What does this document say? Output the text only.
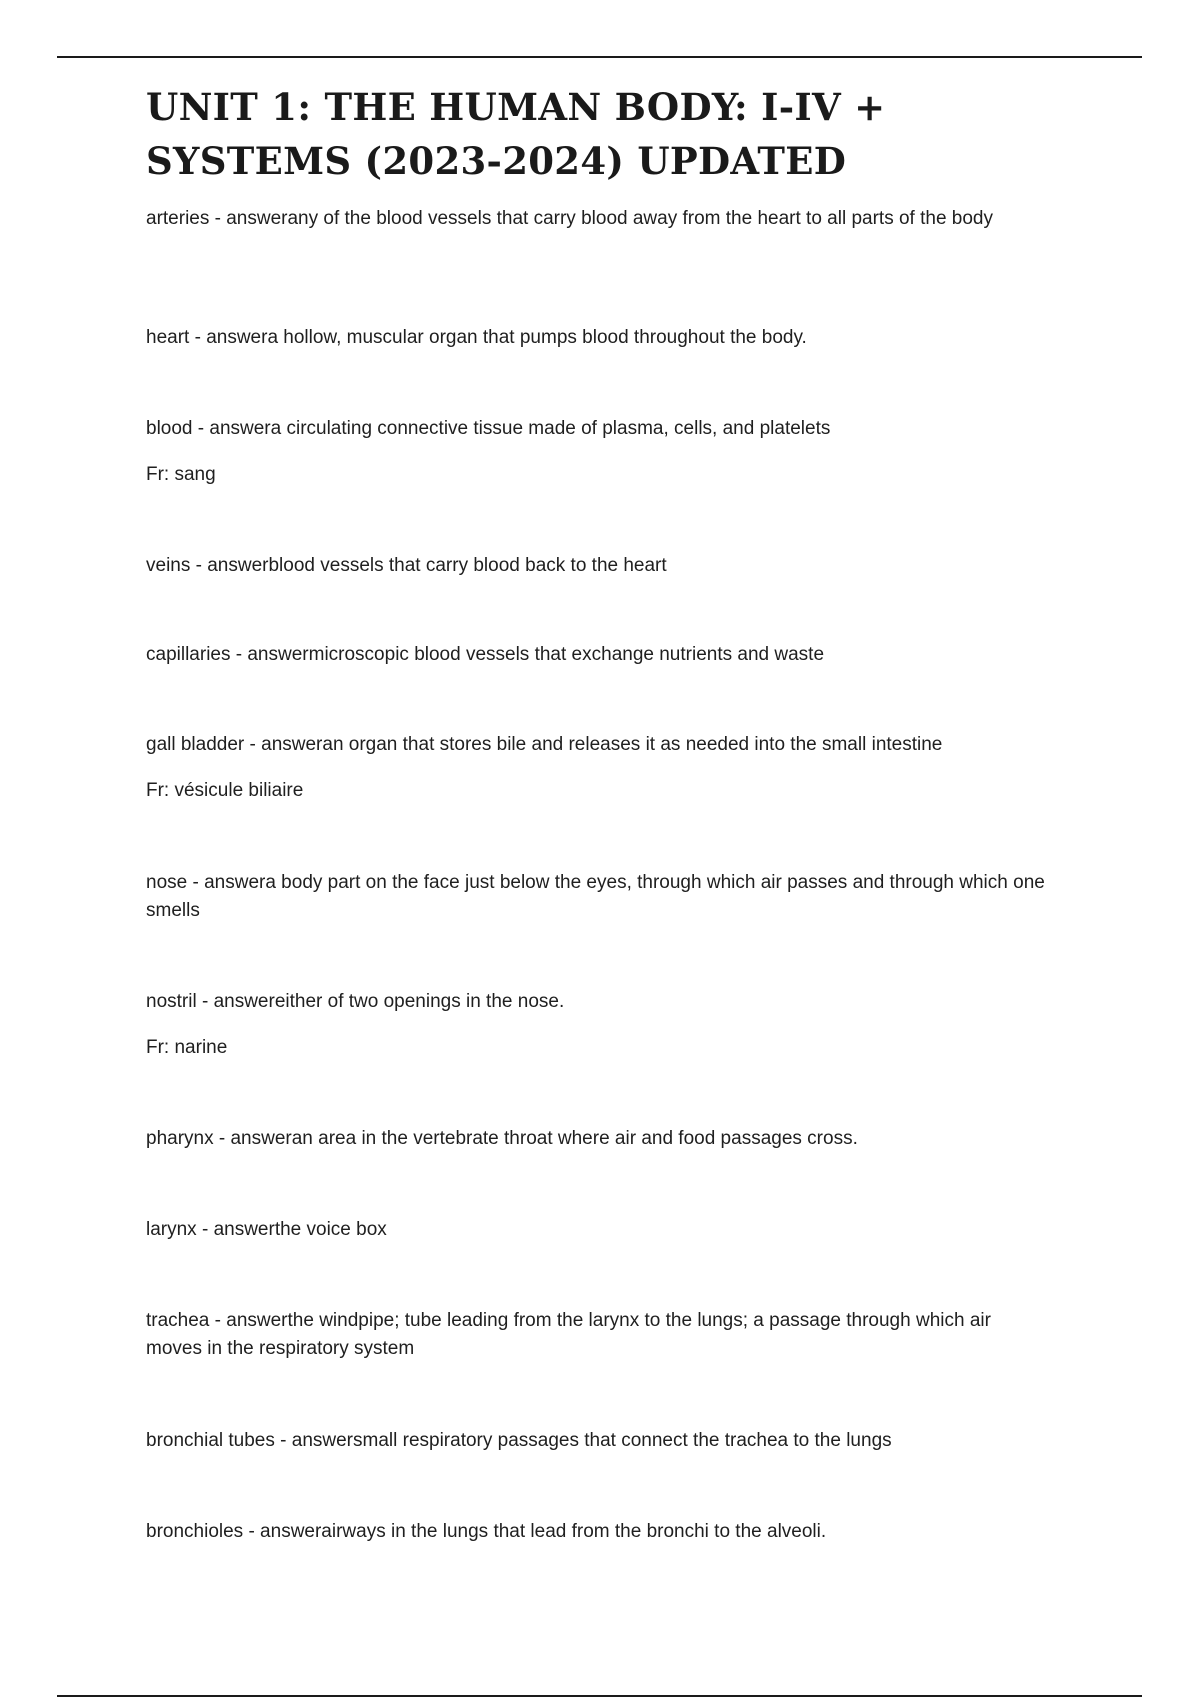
UNIT 1: THE HUMAN BODY: I-IV + SYSTEMS (2023-2024) UPDATED

arteries - answerany of the blood vessels that carry blood away from the heart to all parts of the body

heart - answera hollow, muscular organ that pumps blood throughout the body.

blood - answera circulating connective tissue made of plasma, cells, and platelets

Fr: sang

veins - answerblood vessels that carry blood back to the heart

capillaries - answermicroscopic blood vessels that exchange nutrients and waste

gall bladder - answeran organ that stores bile and releases it as needed into the small intestine

Fr: vésicule biliaire

nose - answera body part on the face just below the eyes, through which air passes and through which one smells

nostril - answereither of two openings in the nose.

Fr: narine

pharynx - answeran area in the vertebrate throat where air and food passages cross.

larynx - answerthe voice box

trachea - answerthe windpipe; tube leading from the larynx to the lungs; a passage through which air moves in the respiratory system

bronchial tubes - answersmall respiratory passages that connect the trachea to the lungs

bronchioles - answerairways in the lungs that lead from the bronchi to the alveoli.
